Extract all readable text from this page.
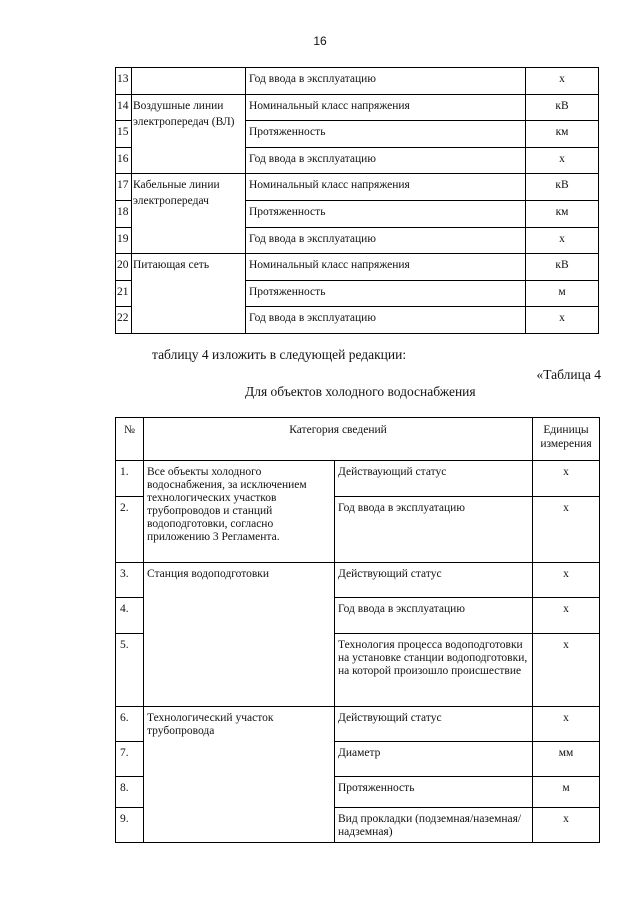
16
13		Год ввода в эксплуатацию	х
14	Воздушные линии электропередач (ВЛ)	Номинальный класс напряжения	кВ
15		Протяженность	км
16		Год ввода в эксплуатацию	х
17	Кабельные линии электропередач	Номинальный класс напряжения	кВ
18		Протяженность	км
19		Год ввода в эксплуатацию	х
20	Питающая сеть	Номинальный класс напряжения	кВ
21		Протяженность	м
22		Год ввода в эксплуатацию	х
таблицу 4 изложить в следующей редакции:
«Таблица 4
Для объектов холодного водоснабжения
№	Категория сведений		Единицы измерения
1.	Все объекты холодного водоснабжения, за исключением технологических участков трубопроводов и станций водоподготовки, согласно приложению 3 Регламента.	Действаующий статус	х
2.		Год ввода в эксплуатацию	х
3.	Станция водоподготовки	Действующий статус	х
4.		Год ввода в эксплуатацию	х
5.		Технология процесса водоподготовки на установке станции водоподготовки, на которой произошло происшествие	х
6.	Технологический участок трубопровода	Действующий статус	х
7.		Диаметр	мм
8.		Протяженность	м
9.		Вид прокладки (подземная/наземная/надземная)	х
